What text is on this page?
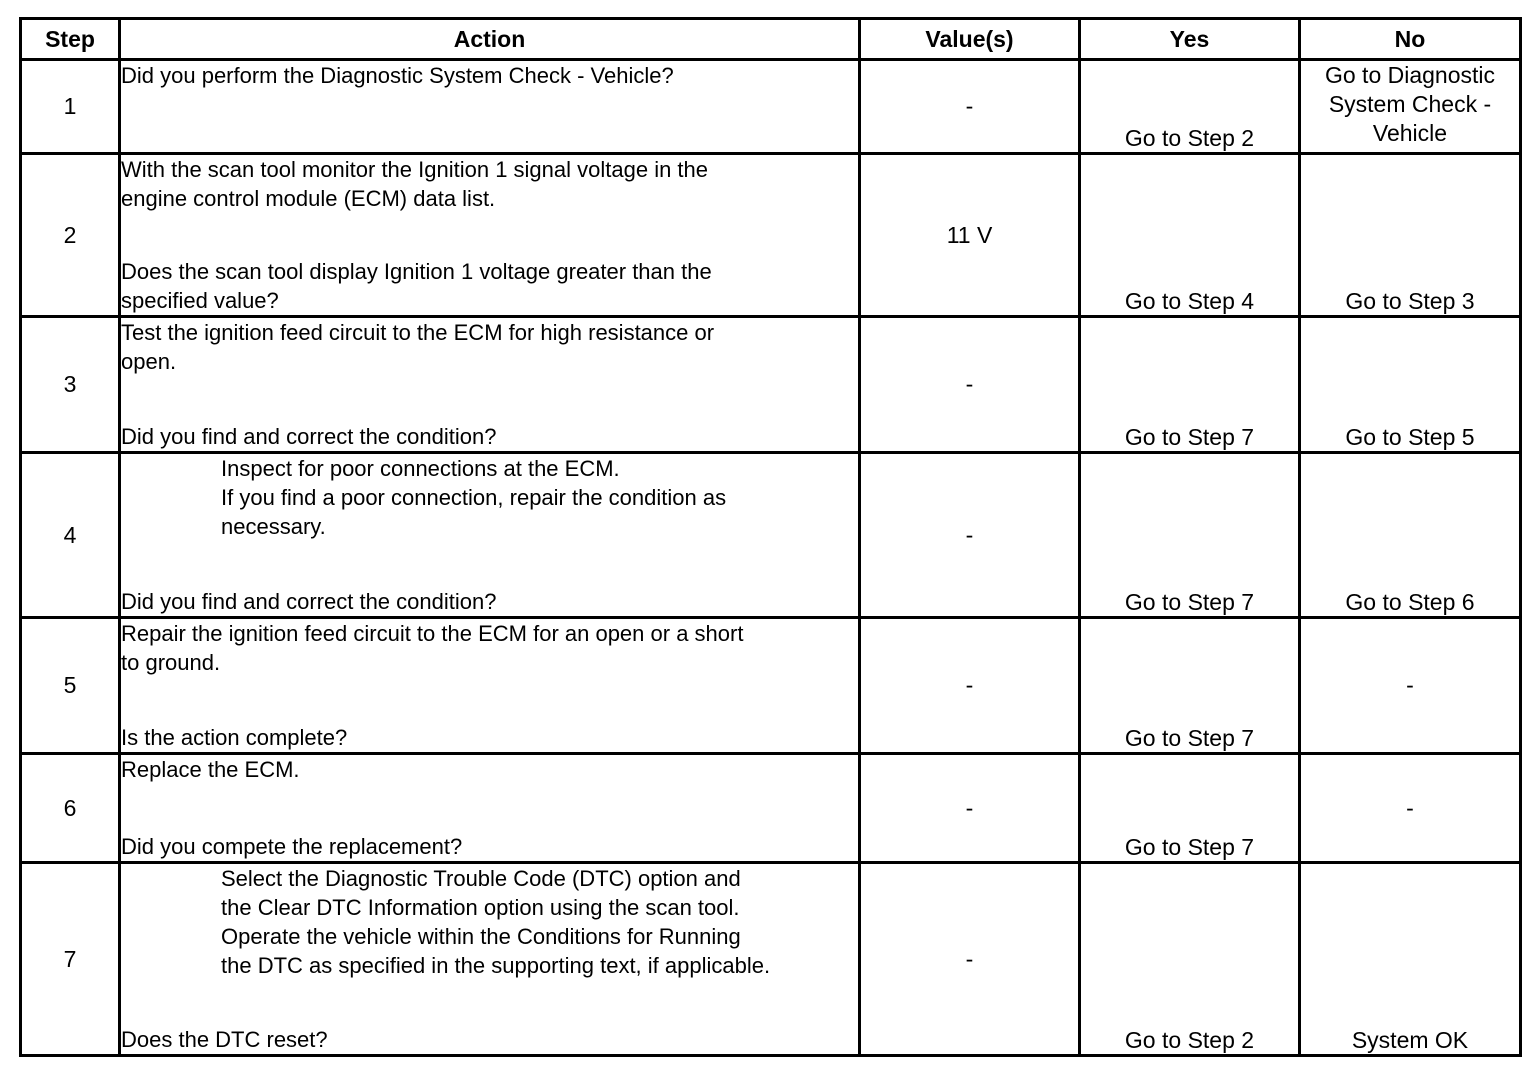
Step	Action	Value(s)	Yes	No
1	Did you perform the Diagnostic System Check - Vehicle?	-	Go to Step 2	Go to Diagnostic
System Check -
Vehicle

2	With the scan tool monitor the Ignition 1 signal voltage in the
engine control module (ECM) data list.
Does the scan tool display Ignition 1 voltage greater than the
specified value?	11 V	Go to Step 4	Go to Step 3
3	Test the ignition feed circuit to the ECM for high resistance or
open.
Did you find and correct the condition?	-	Go to Step 7	Go to Step 5
4	Inspect for poor connections at the ECM.
If you find a poor connection, repair the condition as
necessary.
Did you find and correct the condition?	-	Go to Step 7	Go to Step 6
5	Repair the ignition feed circuit to the ECM for an open or a short
to ground.
Is the action complete?	-	Go to Step 7	-
6	Replace the ECM.
Did you compete the replacement?	-	Go to Step 7	-
7	Select the Diagnostic Trouble Code (DTC) option and
the Clear DTC Information option using the scan tool.
Operate the vehicle within the Conditions for Running
the DTC as specified in the supporting text, if applicable.
Does the DTC reset?	-	Go to Step 2	System OK
